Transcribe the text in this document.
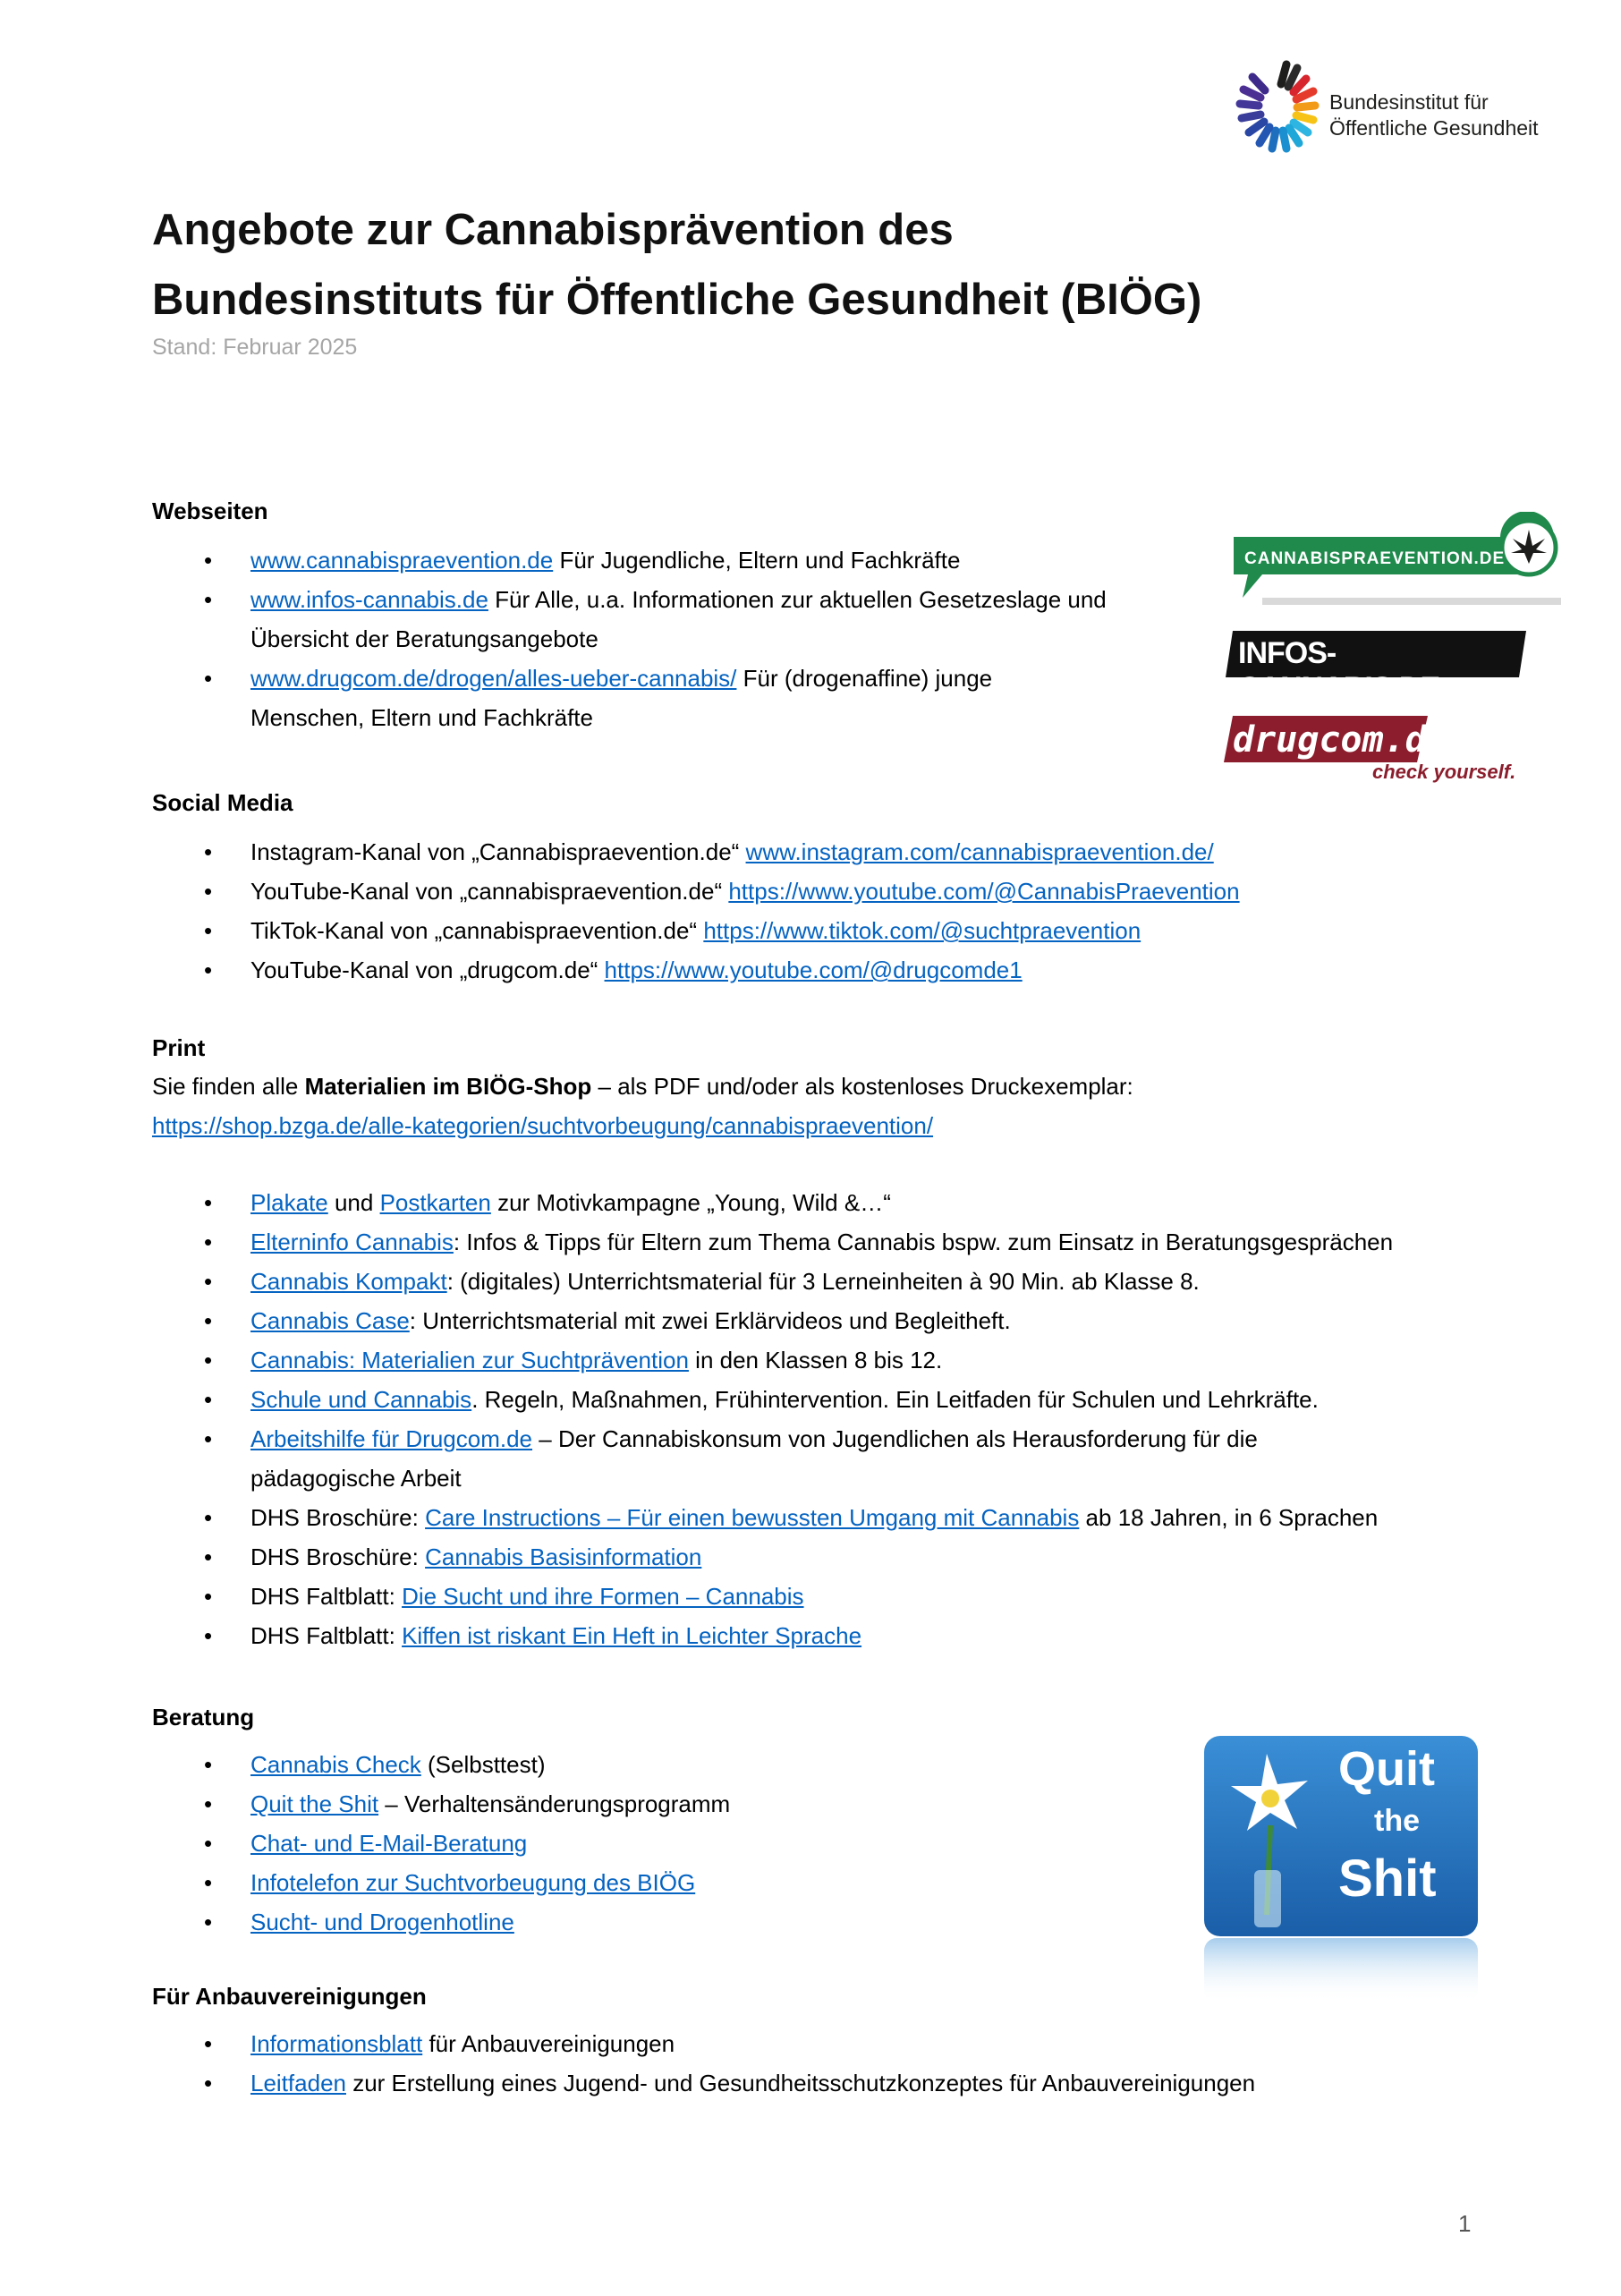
Bundesinstitut für
Öffentliche Gesundheit
Angebote zur Cannabisprävention des
Bundesinstituts für Öffentliche Gesundheit (BIÖG)
Stand: Februar 2025
Webseiten
• www.cannabispraevention.de Für Jugendliche, Eltern und Fachkräfte
• www.infos-cannabis.de Für Alle, u.a. Informationen zur aktuellen Gesetzeslage und
Übersicht der Beratungsangebote
• www.drugcom.de/drogen/alles-ueber-cannabis/ Für (drogenaffine) junge
Menschen, Eltern und Fachkräfte
CANNABISPRAEVENTION.DE
INFOS-CANNABIS.DE
drugcom.de
check yourself.
Social Media
• Instagram-Kanal von „Cannabispraevention.de“ www.instagram.com/cannabispraevention.de/
• YouTube-Kanal von „cannabispraevention.de“ https://www.youtube.com/@CannabisPraevention
• TikTok-Kanal von „cannabispraevention.de“ https://www.tiktok.com/@suchtpraevention
• YouTube-Kanal von „drugcom.de“ https://www.youtube.com/@drugcomde1
Print
Sie finden alle Materialien im BIÖG-Shop – als PDF und/oder als kostenloses Druckexemplar:
https://shop.bzga.de/alle-kategorien/suchtvorbeugung/cannabispraevention/
• Plakate und Postkarten zur Motivkampagne „Young, Wild &…“
• Elterninfo Cannabis: Infos & Tipps für Eltern zum Thema Cannabis bspw. zum Einsatz in Beratungsgesprächen
• Cannabis Kompakt: (digitales) Unterrichtsmaterial für 3 Lerneinheiten à 90 Min. ab Klasse 8.
• Cannabis Case: Unterrichtsmaterial mit zwei Erklärvideos und Begleitheft.
• Cannabis: Materialien zur Suchtprävention in den Klassen 8 bis 12.
• Schule und Cannabis. Regeln, Maßnahmen, Frühintervention. Ein Leitfaden für Schulen und Lehrkräfte.
• Arbeitshilfe für Drugcom.de – Der Cannabiskonsum von Jugendlichen als Herausforderung für die
pädagogische Arbeit
• DHS Broschüre: Care Instructions – Für einen bewussten Umgang mit Cannabis ab 18 Jahren, in 6 Sprachen
• DHS Broschüre: Cannabis Basisinformation
• DHS Faltblatt: Die Sucht und ihre Formen – Cannabis
• DHS Faltblatt: Kiffen ist riskant Ein Heft in Leichter Sprache
Beratung
• Cannabis Check (Selbsttest)
• Quit the Shit – Verhaltensänderungsprogramm
• Chat- und E-Mail-Beratung
• Infotelefon zur Suchtvorbeugung des BIÖG
• Sucht- und Drogenhotline
Quit
the
Shit
Für Anbauvereinigungen
• Informationsblatt für Anbauvereinigungen
• Leitfaden zur Erstellung eines Jugend- und Gesundheitsschutzkonzeptes für Anbauvereinigungen
1
